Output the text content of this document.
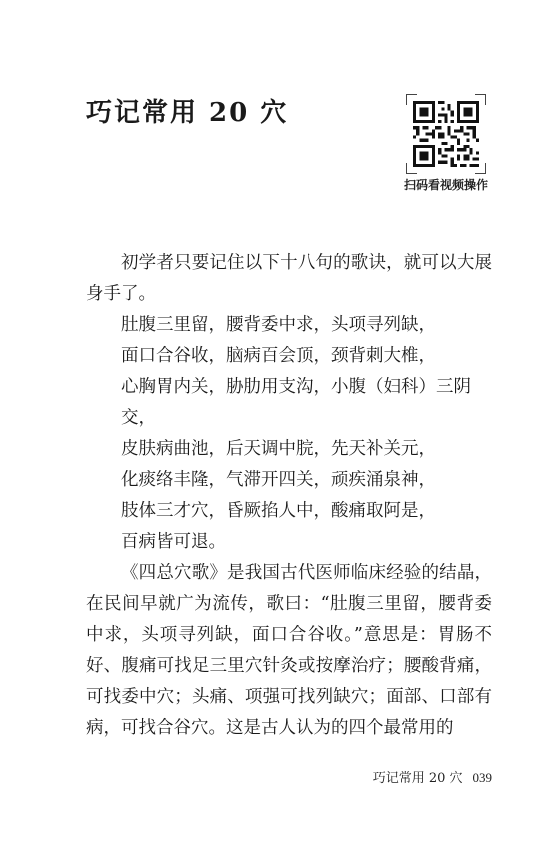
巧记常用 20 穴

扫码看视频操作

初学者只要记住以下十八句的歌诀，就可以大展身手了。

肚腹三里留，腰背委中求，头项寻列缺，

面口合谷收，脑病百会顶，颈背刺大椎，

心胸胃内关，胁肋用支沟，小腹（妇科）三阴交，

皮肤病曲池，后天调中脘，先天补关元，

化痰络丰隆，气滞开四关，顽疾涌泉神，

肢体三才穴，昏厥掐人中，酸痛取阿是，

百病皆可退。

《四总穴歌》是我国古代医师临床经验的结晶，在民间早就广为流传，歌曰：“肚腹三里留，腰背委中求，头项寻列缺，面口合谷收。”意思是：胃肠不好、腹痛可找足三里穴针灸或按摩治疗；腰酸背痛，可找委中穴；头痛、项强可找列缺穴；面部、口部有病，可找合谷穴。这是古人认为的四个最常用的

巧记常用 20 穴 039
